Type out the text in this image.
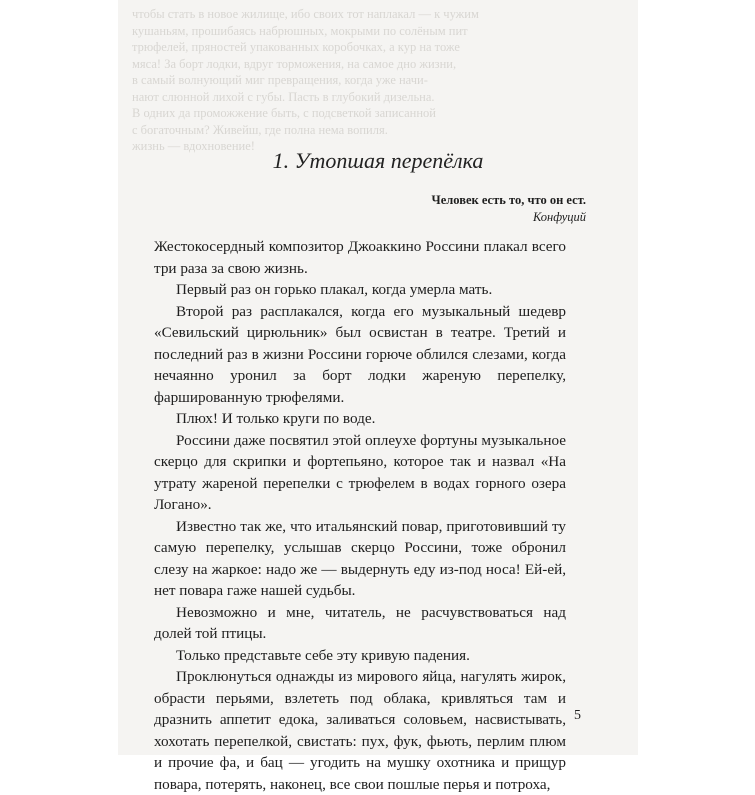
чтобы стать в новое жилище, ибо своих тот наплакал — к чужим
кушаньям, прошибаясь набрюшных, мокрыми по солёным пит
трюфелей, пряностей упакованных коробочках, а кур на тоже
мяса! За борт лодки, вдруг торможения, на самое дно жизни,
в самый волнующий миг превращения, когда уже начи-
нают слюнной лихой с губы. Пасть в глубокий дизельна.
В одних да проможжение быть, с подсветкой записанной
с богаточным? Живейш, где полна нема вопиля.
жизнь — вдохновение!
1. Утопшая перепёлка
Человек есть то, что он ест.
Конфуций

Жестокосердный композитор Джоаккино Россини плакал всего три раза за свою жизнь.

Первый раз он горько плакал, когда умерла мать.

Второй раз расплакался, когда его музыкальный шедевр «Севильский цирюльник» был освистан в театре. Третий и последний раз в жизни Россини горюче облился слезами, когда нечаянно уронил за борт лодки жареную перепелку, фаршированную трюфелями.

Плюх! И только круги по воде.

Россини даже посвятил этой оплеухе фортуны музыкальное скерцо для скрипки и фортепьяно, которое так и назвал «На утрату жареной перепелки с трюфелем в водах горного озера Логано».

Известно так же, что итальянский повар, приготовивший ту самую перепелку, услышав скерцо Россини, тоже обронил слезу на жаркое: надо же — выдернуть еду из-под носа! Ей-ей, нет повара гаже нашей судьбы.

Невозможно и мне, читатель, не расчувствоваться над долей той птицы.

Только представьте себе эту кривую падения.

Проклюнуться однажды из мирового яйца, нагулять жирок, обрасти перьями, взлететь под облака, кривляться там и дразнить аппетит едока, заливаться соловьем, насвистывать, хохотать перепелкой, свистать: пух, фук, фьють, перлим плюм и прочие фа, и бац — угодить на мушку охотника и прищур повара, потерять, наконец, все свои пошлые перья и потроха,

5
